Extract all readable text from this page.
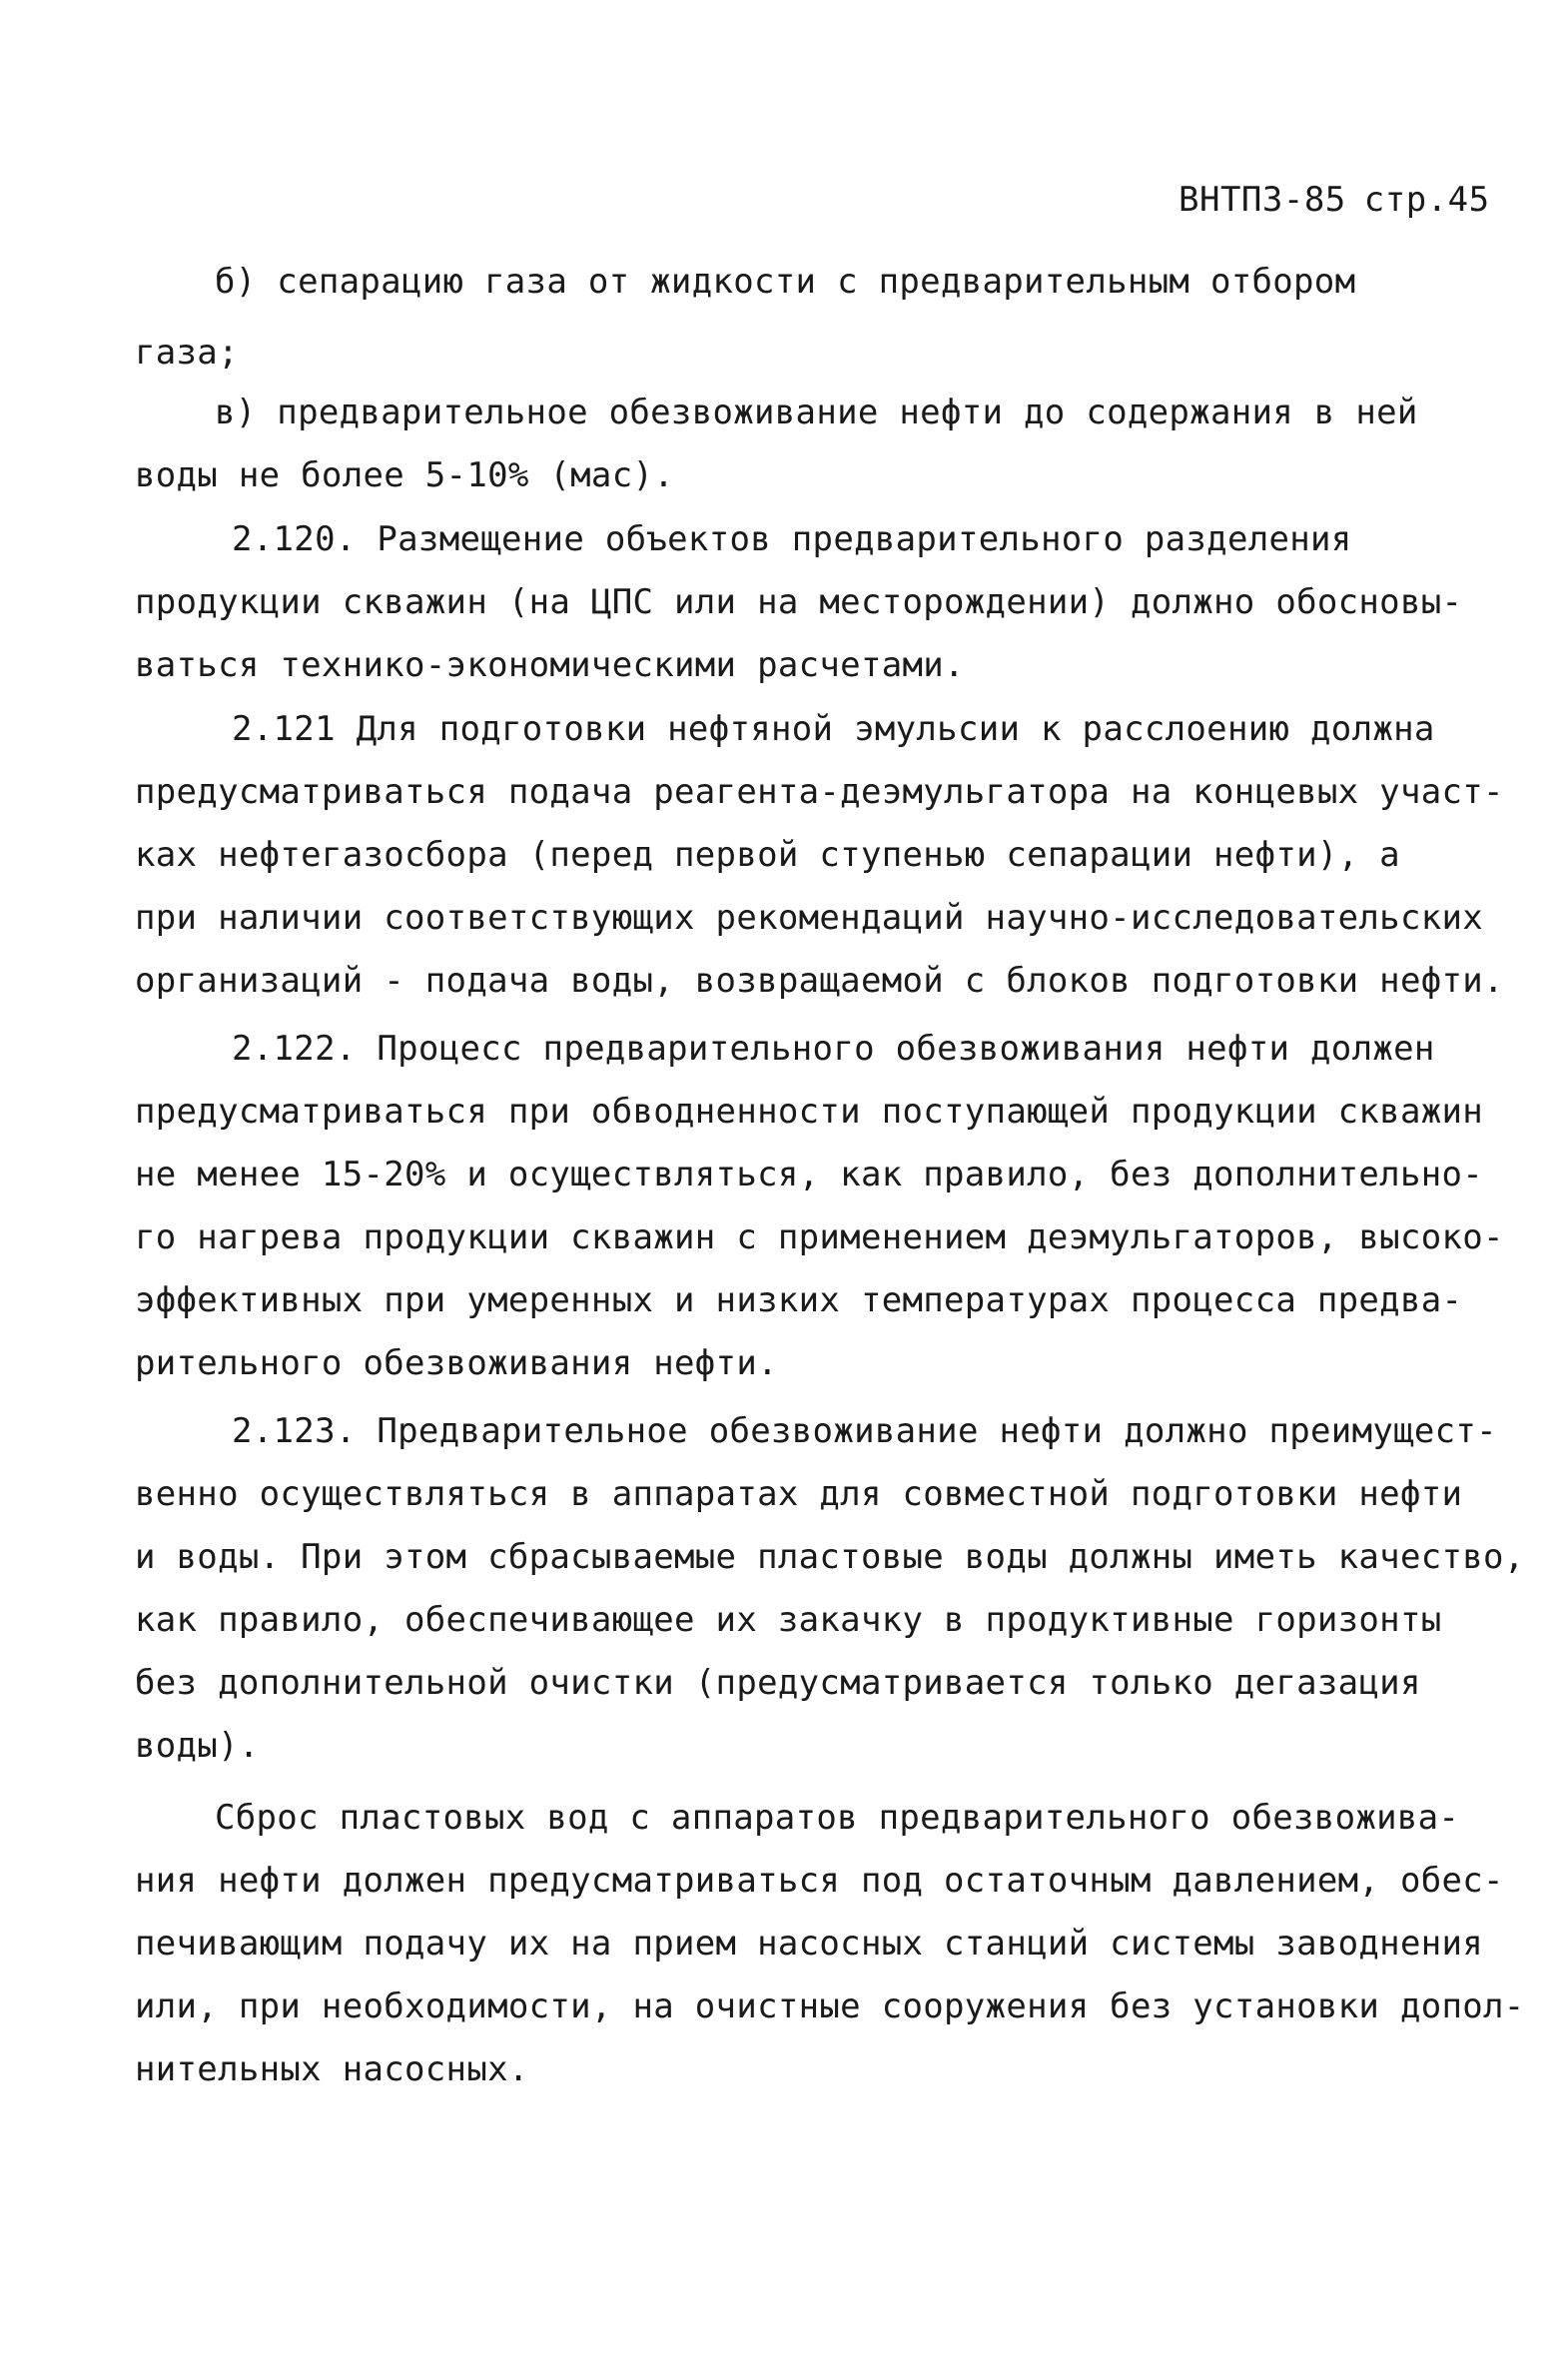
ВНТП3-85 стр.45
б) сепарацию газа от жидкости с предварительным отбором
газа;
в) предварительное обезвоживание нефти до содержания в ней
воды не более 5-10% (мас).
2.120. Размещение объектов предварительного разделения
продукции скважин (на ЦПС или на месторождении) должно обосновы-
ваться технико-экономическими расчетами.
2.121 Для подготовки нефтяной эмульсии к расслоению должна
предусматриваться подача реагента-деэмульгатора на концевых участ-
ках нефтегазосбора (перед первой ступенью сепарации нефти), а
при наличии соответствующих рекомендаций научно-исследовательских
организаций - подача воды, возвращаемой с блоков подготовки нефти.
2.122. Процесс предварительного обезвоживания нефти должен
предусматриваться при обводненности поступающей продукции скважин
не менее 15-20% и осуществляться, как правило, без дополнительно-
го нагрева продукции скважин с применением деэмульгаторов, высоко-
эффективных при умеренных и низких температурах процесса предва-
рительного обезвоживания нефти.
2.123. Предварительное обезвоживание нефти должно преимущест-
венно осуществляться в аппаратах для совместной подготовки нефти
и воды. При этом сбрасываемые пластовые воды должны иметь качество,
как правило, обеспечивающее их закачку в продуктивные горизонты
без дополнительной очистки (предусматривается только дегазация
воды).
Сброс пластовых вод с аппаратов предварительного обезвожива-
ния нефти должен предусматриваться под остаточным давлением, обес-
печивающим подачу их на прием насосных станций системы заводнения
или, при необходимости, на очистные сооружения без установки допол-
нительных насосных.
